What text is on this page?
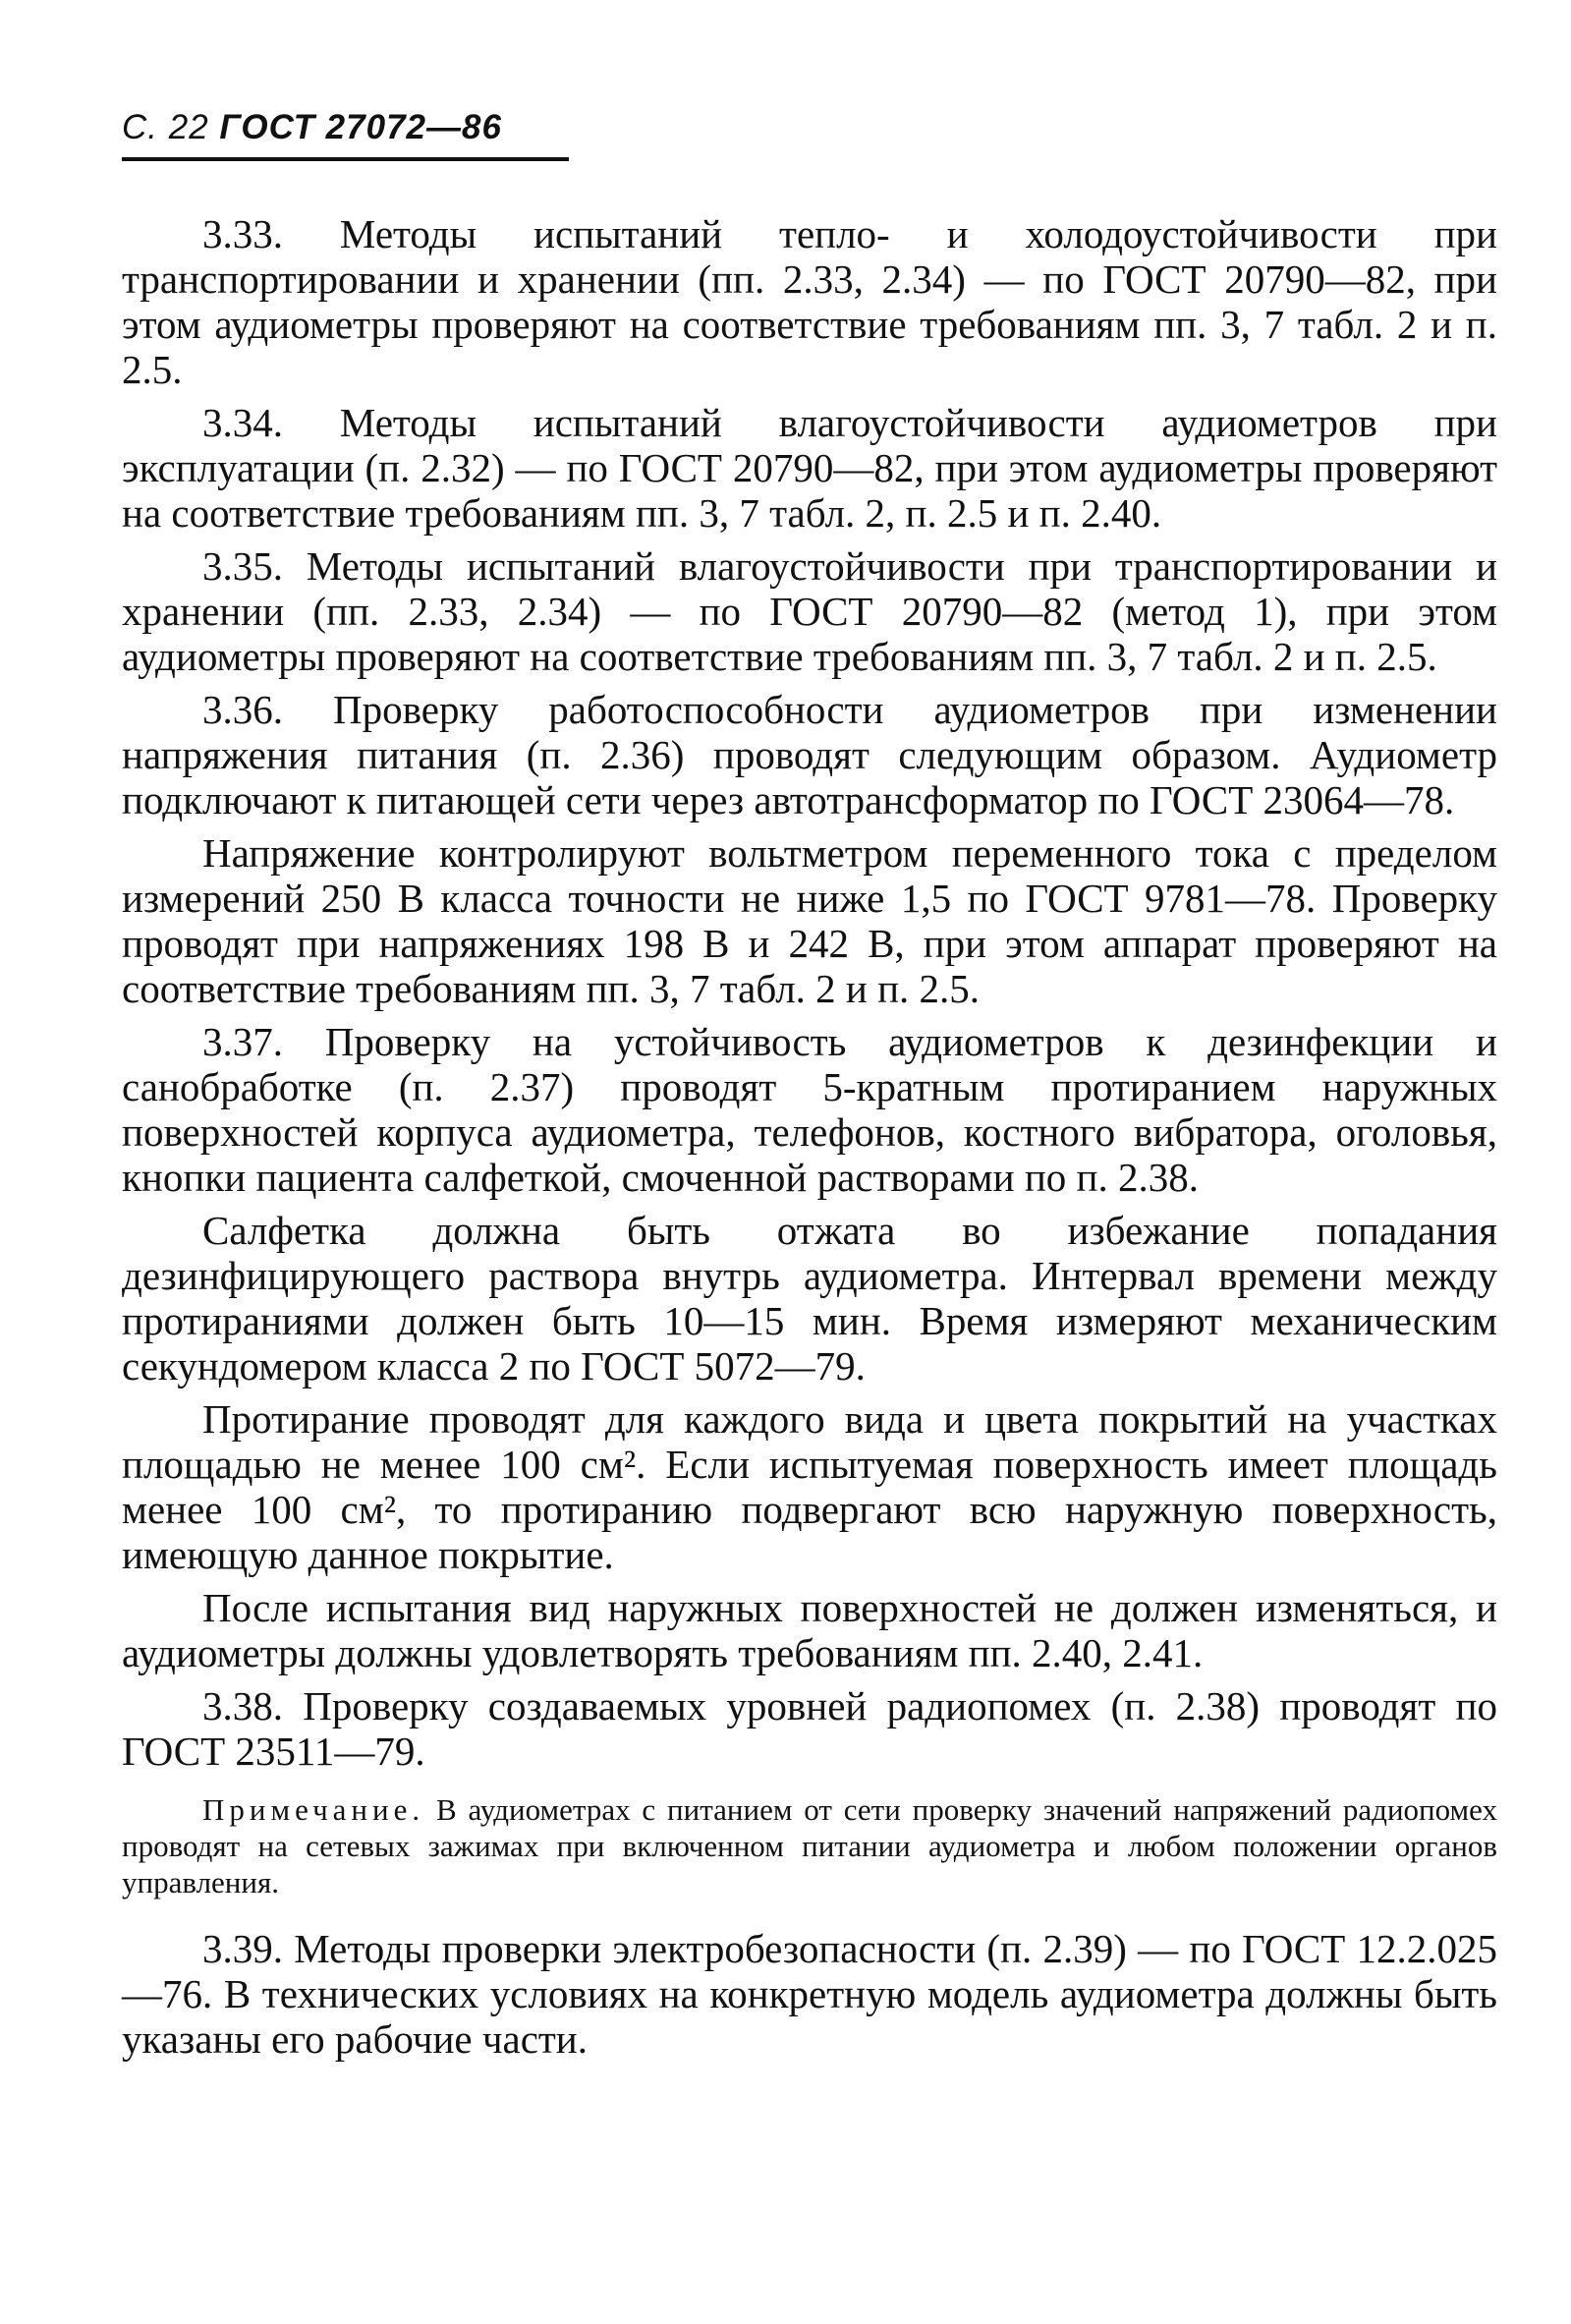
С. 22 ГОСТ 27072—86

3.33. Методы испытаний тепло- и холодоустойчивости при транспортировании и хранении (пп. 2.33, 2.34) — по ГОСТ 20790—82, при этом аудиометры проверяют на соответствие требованиям пп. 3, 7 табл. 2 и п. 2.5.

3.34. Методы испытаний влагоустойчивости аудиометров при эксплуатации (п. 2.32) — по ГОСТ 20790—82, при этом аудиометры проверяют на соответствие требованиям пп. 3, 7 табл. 2, п. 2.5 и п. 2.40.

3.35. Методы испытаний влагоустойчивости при транспортировании и хранении (пп. 2.33, 2.34) — по ГОСТ 20790—82 (метод 1), при этом аудиометры проверяют на соответствие требованиям пп. 3, 7 табл. 2 и п. 2.5.

3.36. Проверку работоспособности аудиометров при изменении напряжения питания (п. 2.36) проводят следующим образом. Аудиометр подключают к питающей сети через автотрансформатор по ГОСТ 23064—78.

Напряжение контролируют вольтметром переменного тока с пределом измерений 250 В класса точности не ниже 1,5 по ГОСТ 9781—78. Проверку проводят при напряжениях 198 В и 242 В, при этом аппарат проверяют на соответствие требованиям пп. 3, 7 табл. 2 и п. 2.5.

3.37. Проверку на устойчивость аудиометров к дезинфекции и санобработке (п. 2.37) проводят 5-кратным протиранием наружных поверхностей корпуса аудиометра, телефонов, костного вибратора, оголовья, кнопки пациента салфеткой, смоченной растворами по п. 2.38.

Салфетка должна быть отжата во избежание попадания дезинфицирующего раствора внутрь аудиометра. Интервал времени между протираниями должен быть 10—15 мин. Время измеряют механическим секундомером класса 2 по ГОСТ 5072—79.

Протирание проводят для каждого вида и цвета покрытий на участках площадью не менее 100 см². Если испытуемая поверхность имеет площадь менее 100 см², то протиранию подвергают всю наружную поверхность, имеющую данное покрытие.

После испытания вид наружных поверхностей не должен изменяться, и аудиометры должны удовлетворять требованиям пп. 2.40, 2.41.

3.38. Проверку создаваемых уровней радиопомех (п. 2.38) проводят по ГОСТ 23511—79.

Примечание. В аудиометрах с питанием от сети проверку значений напряжений радиопомех проводят на сетевых зажимах при включенном питании аудиометра и любом положении органов управления.

3.39. Методы проверки электробезопасности (п. 2.39) — по ГОСТ 12.2.025—76. В технических условиях на конкретную модель аудиометра должны быть указаны его рабочие части.
